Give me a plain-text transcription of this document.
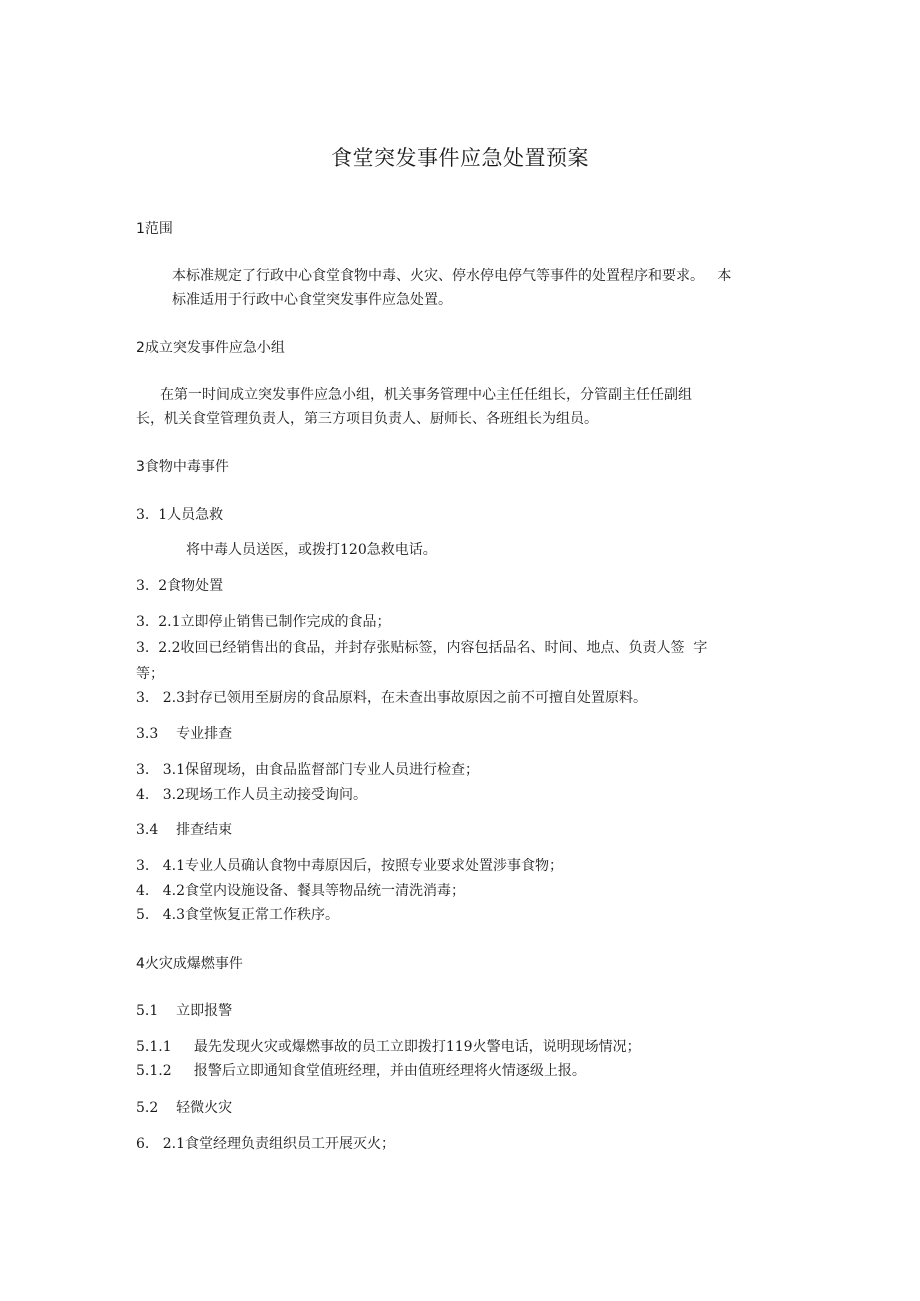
食堂突发事件应急处置预案
1范围
本标准规定了行政中心食堂食物中毒、火灾、停水停电停气等事件的处置程序和要求。   本
标准适用于行政中心食堂突发事件应急处置。
2成立突发事件应急小组
在第一时间成立突发事件应急小组，机关事务管理中心主任任组长，分管副主任任副组
长，机关食堂管理负责人，第三方项目负责人、厨师长、各班组长为组员。
3食物中毒事件
3.  1人员急救
将中毒人员送医，或拨打120急救电话。
3.  2食物处置
3.  2.1立即停止销售已制作完成的食品；
3.  2.2收回已经销售出的食品，并封存张贴标签，内容包括品名、时间、地点、负责人签  字
等；
3.   2.3封存已领用至厨房的食品原料，在未查出事故原因之前不可擅自处置原料。
3.3    专业排查
3.   3.1保留现场，由食品监督部门专业人员进行检查；
4.   3.2现场工作人员主动接受询问。
3.4    排查结束
3.   4.1专业人员确认食物中毒原因后，按照专业要求处置涉事食物；
4.   4.2食堂内设施设备、餐具等物品统一清洗消毒；
5.   4.3食堂恢复正常工作秩序。
4火灾成爆燃事件
5.1    立即报警
5.1.1     最先发现火灾或爆燃事故的员工立即拨打119火警电话，说明现场情况；
5.1.2     报警后立即通知食堂值班经理，并由值班经理将火情逐级上报。
5.2    轻微火灾
6.   2.1食堂经理负责组织员工开展灭火；
